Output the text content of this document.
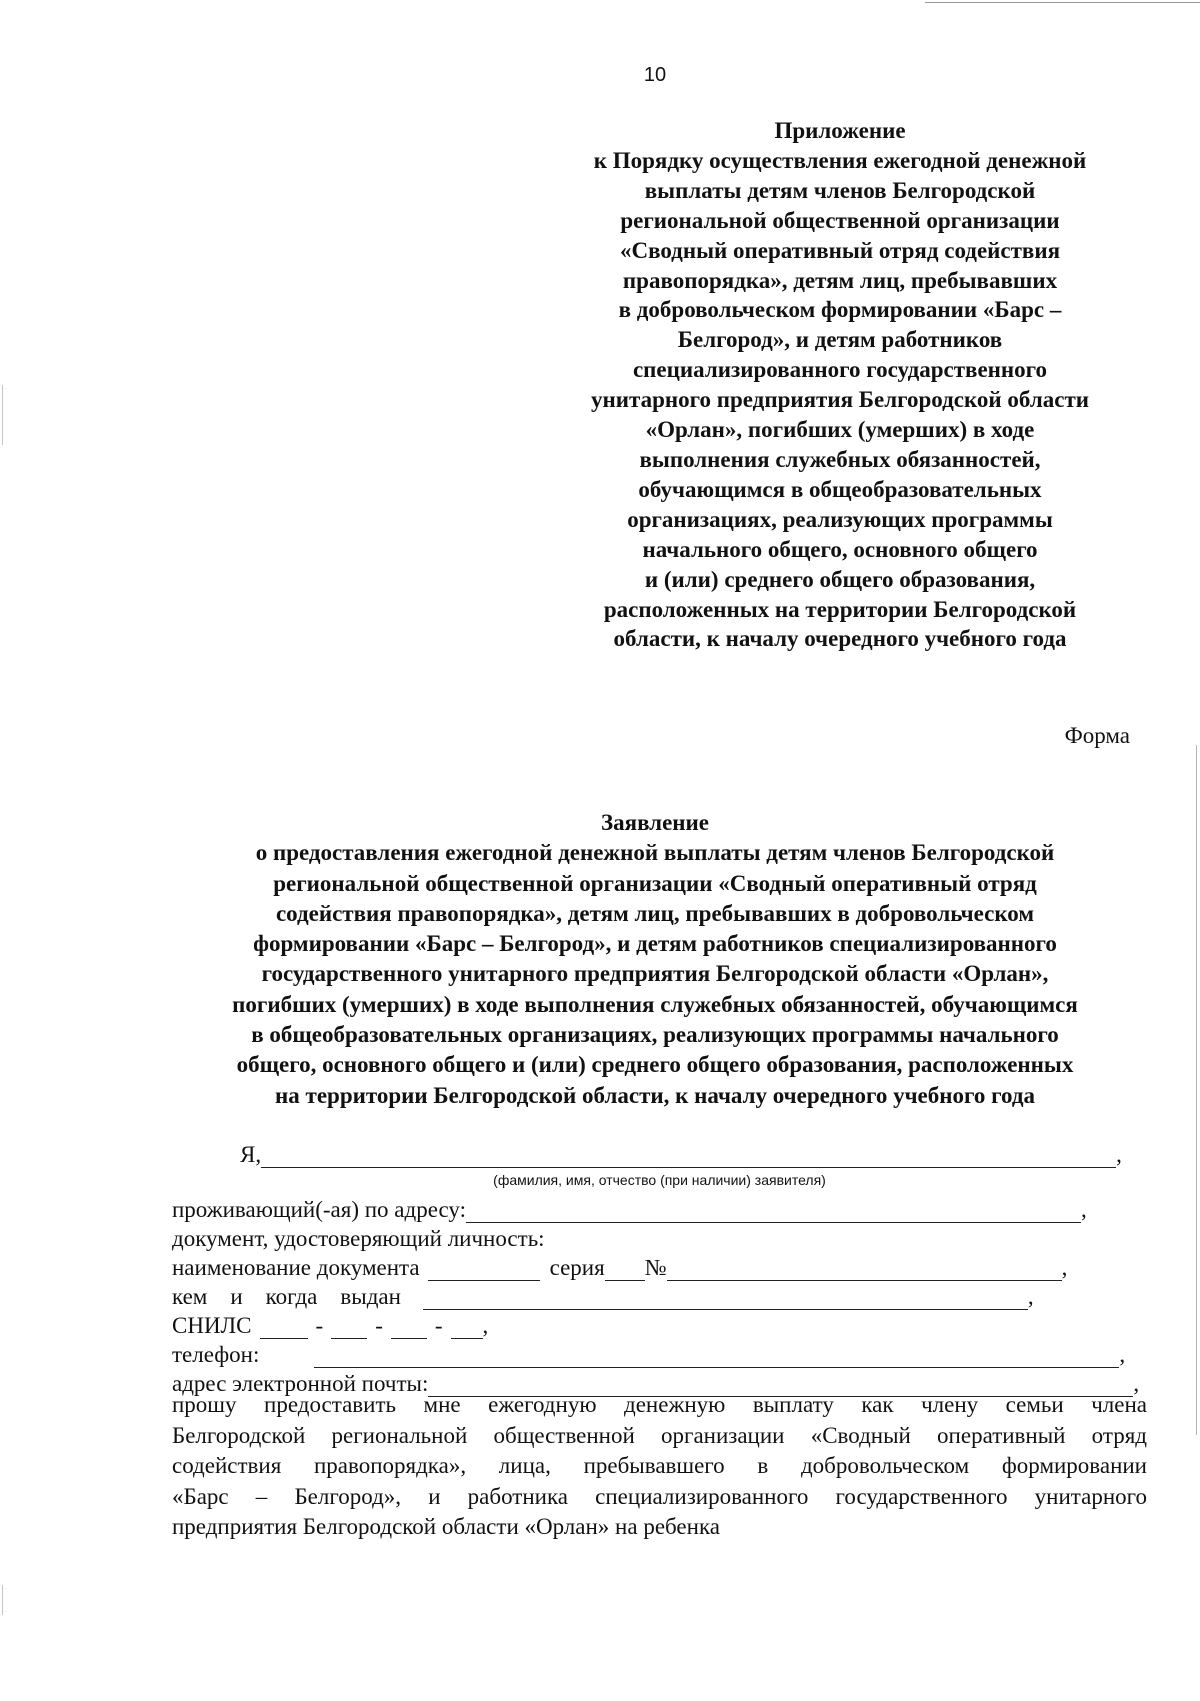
10
Приложение
к Порядку осуществления ежегодной денежной
выплаты детям членов Белгородской
региональной общественной организации
«Сводный оперативный отряд содействия
правопорядка», детям лиц, пребывавших
в добровольческом формировании «Барс –
Белгород», и детям работников
специализированного государственного
унитарного предприятия Белгородской области
«Орлан», погибших (умерших) в ходе
выполнения служебных обязанностей,
обучающимся в общеобразовательных
организациях, реализующих программы
начального общего, основного общего
и (или) среднего общего образования,
расположенных на территории Белгородской
области, к началу очередного учебного года
Форма
Заявление
о предоставления ежегодной денежной выплаты детям членов Белгородской
региональной общественной организации «Сводный оперативный отряд
содействия правопорядка», детям лиц, пребывавших в добровольческом
формировании «Барс – Белгород», и детям работников специализированного
государственного унитарного предприятия Белгородской области «Орлан»,
погибших (умерших) в ходе выполнения служебных обязанностей, обучающимся
в общеобразовательных организациях, реализующих программы начального
общего, основного общего и (или) среднего общего образования, расположенных
на территории Белгородской области, к началу очередного учебного года
Я,	,
(фамилия, имя, отчество (при наличии) заявителя)
проживающий(-ая) по адресу:	,
документ, удостоверяющий личность:
наименование документа	серия №	,
кем    и    когда    выдан	,
СНИЛС	- - - ,
телефон:	,
адрес электронной почты:	,
прошу предоставить мне ежегодную денежную выплату как члену семьи члена
Белгородской региональной общественной организации «Сводный оперативный отряд
содействия правопорядка», лица, пребывавшего в добровольческом формировании
«Барс – Белгород», и работника специализированного государственного унитарного
предприятия Белгородской области «Орлан» на ребенка
